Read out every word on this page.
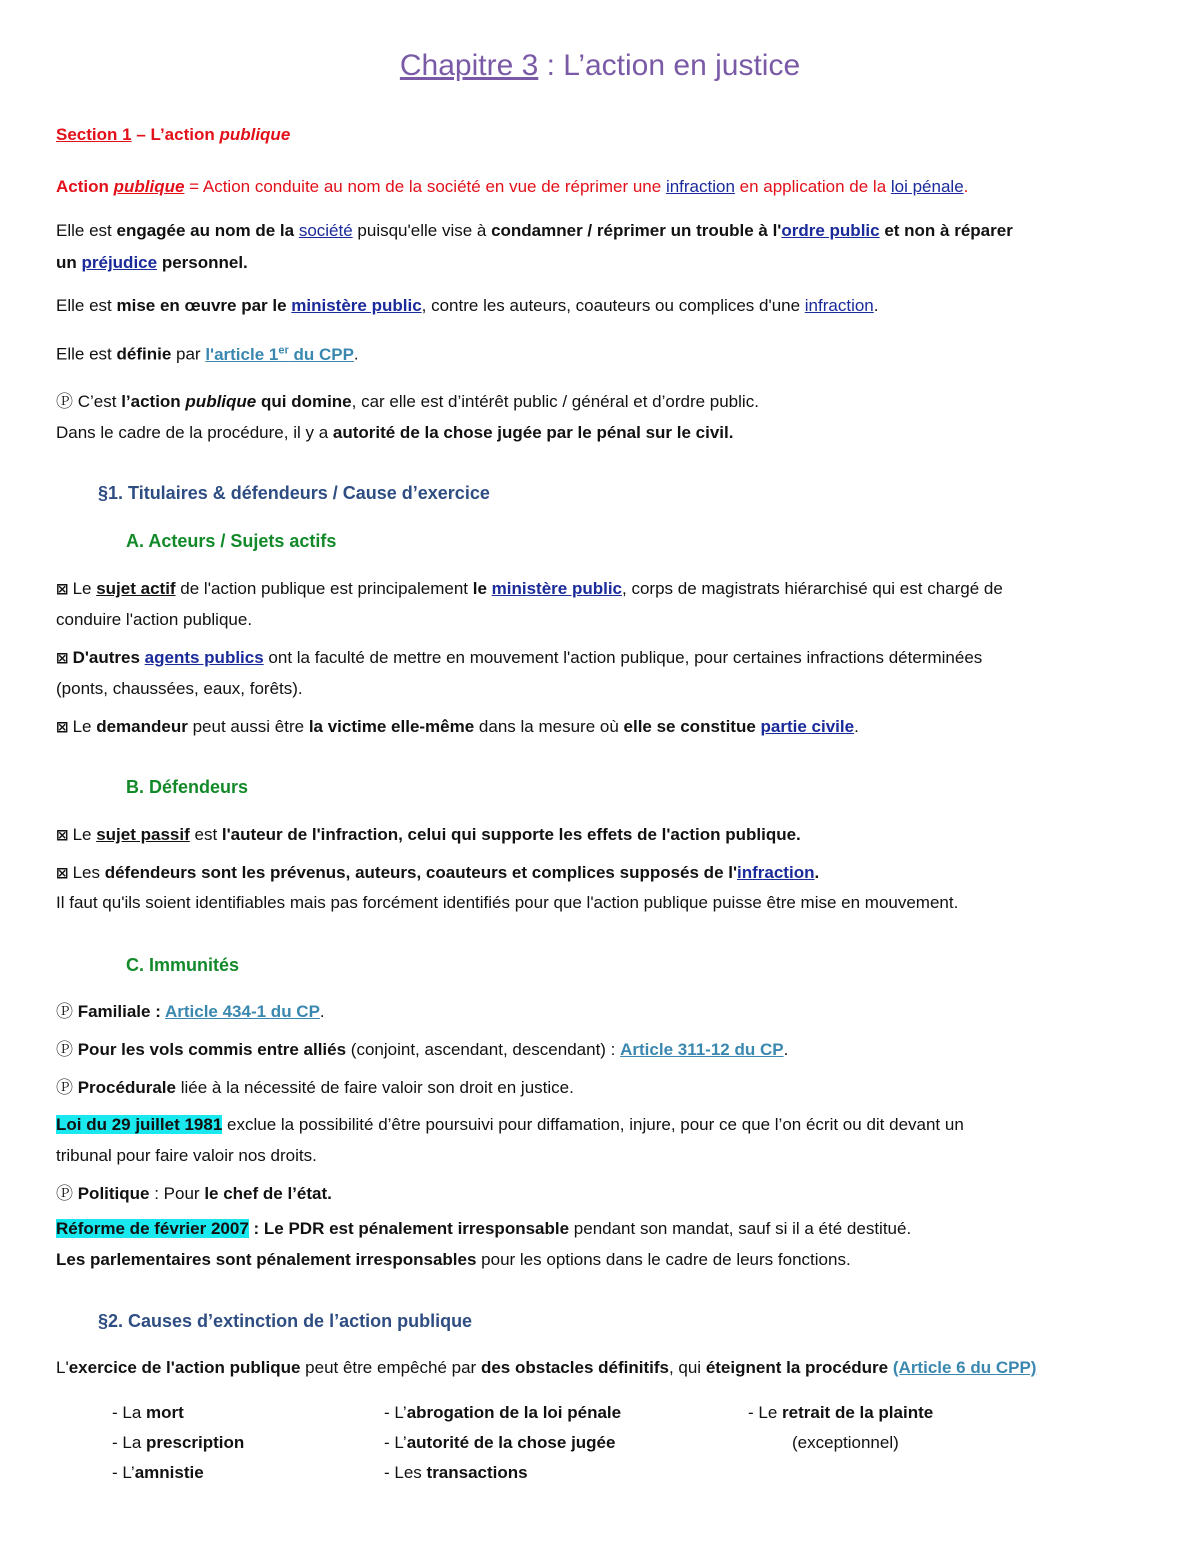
Chapitre 3 : L’action en justice
Section 1 – L’action publique
Action publique = Action conduite au nom de la société en vue de réprimer une infraction en application de la loi pénale.
Elle est engagée au nom de la société puisqu'elle vise à condamner / réprimer un trouble à l'ordre public et non à réparer
un préjudice personnel.
Elle est mise en œuvre par le ministère public, contre les auteurs, coauteurs ou complices d'une infraction.
Elle est définie par l'article 1er du CPP.
Ⓟ C’est l’action publique qui domine, car elle est d’intérêt public / général et d’ordre public.
Dans le cadre de la procédure, il y a autorité de la chose jugée par le pénal sur le civil.
§1. Titulaires & défendeurs / Cause d’exercice
A. Acteurs / Sujets actifs
⊠ Le sujet actif de l'action publique est principalement le ministère public, corps de magistrats hiérarchisé qui est chargé de
conduire l'action publique.
⊠ D'autres agents publics ont la faculté de mettre en mouvement l'action publique, pour certaines infractions déterminées
(ponts, chaussées, eaux, forêts).
⊠ Le demandeur peut aussi être la victime elle-même dans la mesure où elle se constitue partie civile.
B. Défendeurs
⊠ Le sujet passif est l'auteur de l'infraction, celui qui supporte les effets de l'action publique.
⊠ Les défendeurs sont les prévenus, auteurs, coauteurs et complices supposés de l'infraction.
Il faut qu'ils soient identifiables mais pas forcément identifiés pour que l'action publique puisse être mise en mouvement.
C. Immunités
Ⓟ Familiale : Article 434-1 du CP.
Ⓟ Pour les vols commis entre alliés (conjoint, ascendant, descendant) : Article 311-12 du CP.
Ⓟ Procédurale liée à la nécessité de faire valoir son droit en justice.
Loi du 29 juillet 1981 exclue la possibilité d’être poursuivi pour diffamation, injure, pour ce que l’on écrit ou dit devant un
tribunal pour faire valoir nos droits.
Ⓟ Politique : Pour le chef de l’état.
Réforme de février 2007 : Le PDR est pénalement irresponsable pendant son mandat, sauf si il a été destitué.
Les parlementaires sont pénalement irresponsables pour les options dans le cadre de leurs fonctions.
§2. Causes d’extinction de l’action publique
L'exercice de l'action publique peut être empêché par des obstacles définitifs, qui éteignent la procédure (Article 6 du CPP)
- La mort
- La prescription
- L’amnistie
- L’abrogation de la loi pénale
- L’autorité de la chose jugée
- Les transactions
- Le retrait de la plainte
(exceptionnel)
